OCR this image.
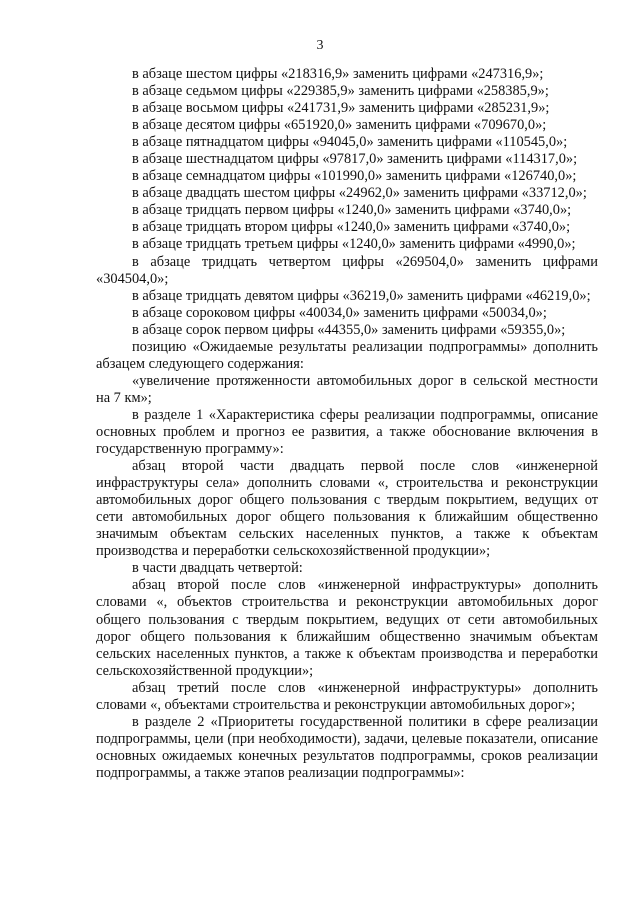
3

в абзаце шестом цифры «218316,9» заменить цифрами «247316,9»;

в абзаце седьмом цифры «229385,9» заменить цифрами «258385,9»;

в абзаце восьмом цифры «241731,9» заменить цифрами «285231,9»;

в абзаце десятом цифры «651920,0» заменить цифрами «709670,0»;

в абзаце пятнадцатом цифры «94045,0» заменить цифрами «110545,0»;

в абзаце шестнадцатом цифры «97817,0» заменить цифрами «114317,0»;

в абзаце семнадцатом цифры «101990,0» заменить цифрами «126740,0»;

в абзаце двадцать шестом цифры «24962,0» заменить цифрами «33712,0»;

в абзаце тридцать первом цифры «1240,0» заменить цифрами «3740,0»;

в абзаце тридцать втором цифры «1240,0» заменить цифрами «3740,0»;

в абзаце тридцать третьем цифры «1240,0» заменить цифрами «4990,0»;

в абзаце тридцать четвертом цифры «269504,0» заменить цифрами «304504,0»;

в абзаце тридцать девятом цифры «36219,0» заменить цифрами «46219,0»;

в абзаце сороковом цифры «40034,0» заменить цифрами «50034,0»;

в абзаце сорок первом цифры «44355,0» заменить цифрами «59355,0»;

позицию «Ожидаемые результаты реализации подпрограммы» дополнить абзацем следующего содержания:

«увеличение протяженности автомобильных дорог в сельской местности на 7 км»;

в разделе 1 «Характеристика сферы реализации подпрограммы, описание основных проблем и прогноз ее развития, а также обоснование включения в государственную программу»:

абзац второй части двадцать первой после слов «инженерной инфраструктуры села» дополнить словами «, строительства и реконструкции автомобильных дорог общего пользования с твердым покрытием, ведущих от сети автомобильных дорог общего пользования к ближайшим общественно значимым объектам сельских населенных пунктов, а также к объектам производства и переработки сельскохозяйственной продукции»;

в части двадцать четвертой:

абзац второй после слов «инженерной инфраструктуры» дополнить словами «, объектов строительства и реконструкции автомобильных дорог общего пользования с твердым покрытием, ведущих от сети автомобильных дорог общего пользования к ближайшим общественно значимым объектам сельских населенных пунктов, а также к объектам производства и переработки сельскохозяйственной продукции»;

абзац третий после слов «инженерной инфраструктуры» дополнить словами «, объектами строительства и реконструкции автомобильных дорог»;

в разделе 2 «Приоритеты государственной политики в сфере реализации подпрограммы, цели (при необходимости), задачи, целевые показатели, описание основных ожидаемых конечных результатов подпрограммы, сроков реализации подпрограммы, а также этапов реализации подпрограммы»:
